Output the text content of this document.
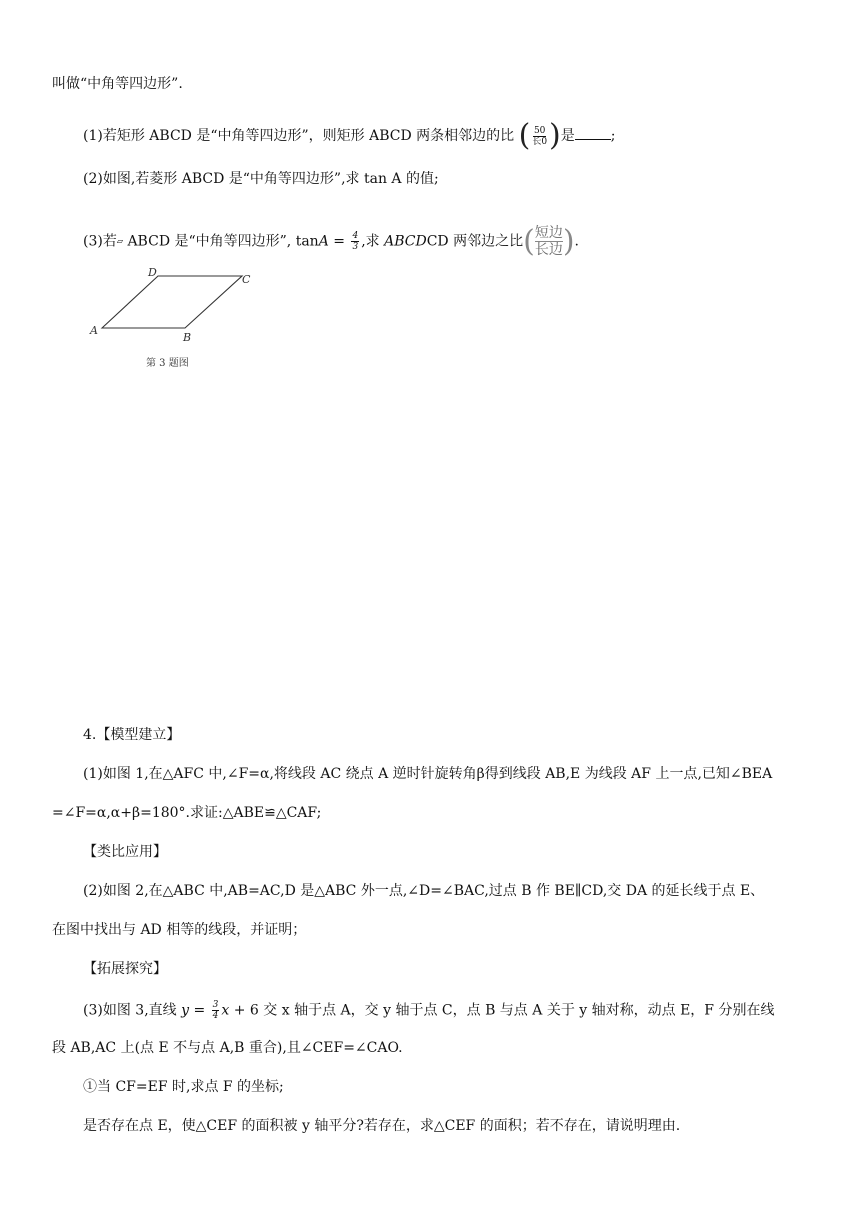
叫做“中角等四边形”.
(1)若矩形 ABCD 是“中角等四边形”，则矩形 ABCD 两条相邻边的比 ( $\frac{50}{\text{长0}}$ ) 是	;
(2)如图,若菱形 ABCD 是“中角等四边形”,求 tan A 的值;
(3)若▱ ABCD 是“中角等四边形”, $\tan A = \frac{4}{3}$ ,求 ABCDCD 两邻边之比 ( 短边
长边 ) .
A
B
C
D
第 3 题图
4.【模型建立】
(1)如图 1,在△AFC 中,∠F=α,将线段 AC 绕点 A 逆时针旋转角β得到线段 AB,E 为线段 AF 上一点,已知∠BEA
=∠F=α,α+β=180°.求证:△ABE≌△CAF;
【类比应用】
(2)如图 2,在△ABC 中,AB=AC,D 是△ABC 外一点,∠D=∠BAC,过点 B 作 BE∥CD,交 DA 的延长线于点 E、
在图中找出与 AD 相等的线段，并证明；
【拓展探究】
(3)如图 3,直线 $y = \frac{3}{4}$ x + 6 交 x 轴于点 A，交 y 轴于点 C，点 B 与点 A 关于 y 轴对称，动点 E，F 分别在线
段 AB,AC 上(点 E 不与点 A,B 重合),且∠CEF=∠CAO.
①当 CF=EF 时,求点 F 的坐标;
是否存在点 E，使△CEF 的面积被 y 轴平分?若存在，求△CEF 的面积；若不存在，请说明理由.
